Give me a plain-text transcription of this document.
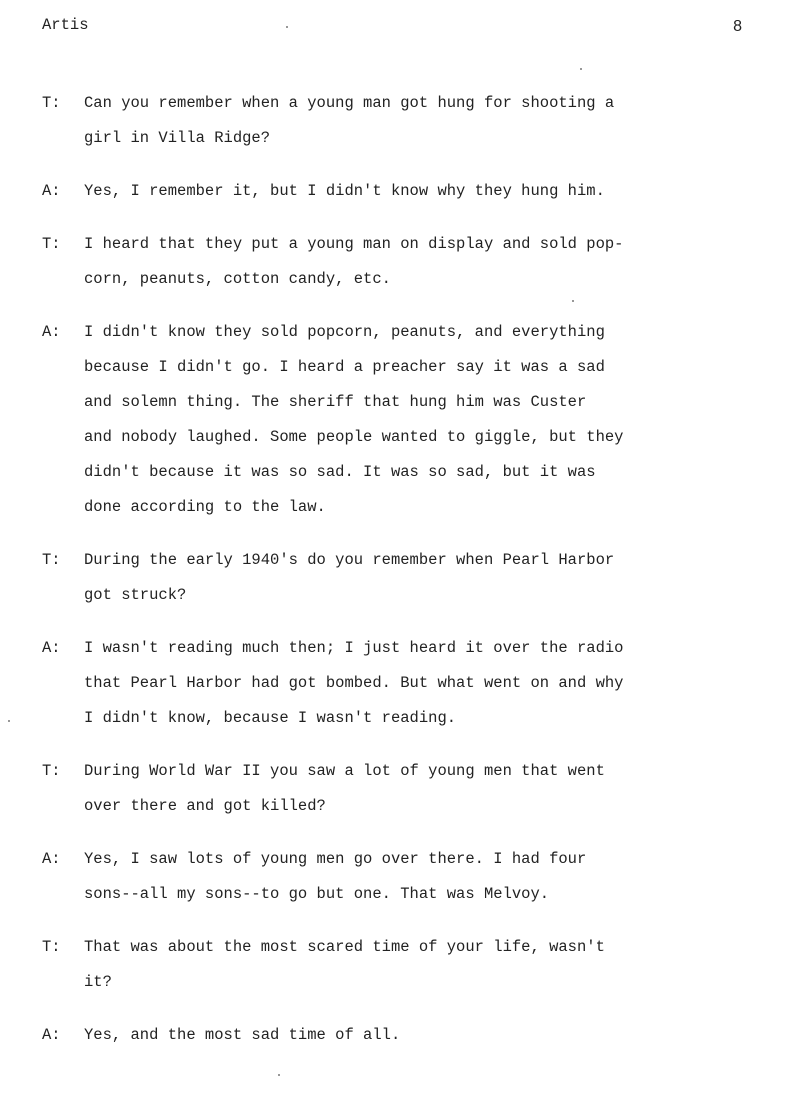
Artis	8
T:	Can you remember when a young man got hung for shooting a
girl in Villa Ridge?
A:	Yes, I remember it, but I didn't know why they hung him.
T:	I heard that they put a young man on display and sold pop-
corn, peanuts, cotton candy, etc.
A:	I didn't know they sold popcorn, peanuts, and everything
because I didn't go. I heard a preacher say it was a sad
and solemn thing. The sheriff that hung him was Custer
and nobody laughed. Some people wanted to giggle, but they
didn't because it was so sad. It was so sad, but it was
done according to the law.
T:	During the early 1940's do you remember when Pearl Harbor
got struck?
A:	I wasn't reading much then; I just heard it over the radio
that Pearl Harbor had got bombed. But what went on and why
I didn't know, because I wasn't reading.
T:	During World War II you saw a lot of young men that went
over there and got killed?
A:	Yes, I saw lots of young men go over there. I had four
sons--all my sons--to go but one. That was Melvoy.
T:	That was about the most scared time of your life, wasn't
it?
A:	Yes, and the most sad time of all.
